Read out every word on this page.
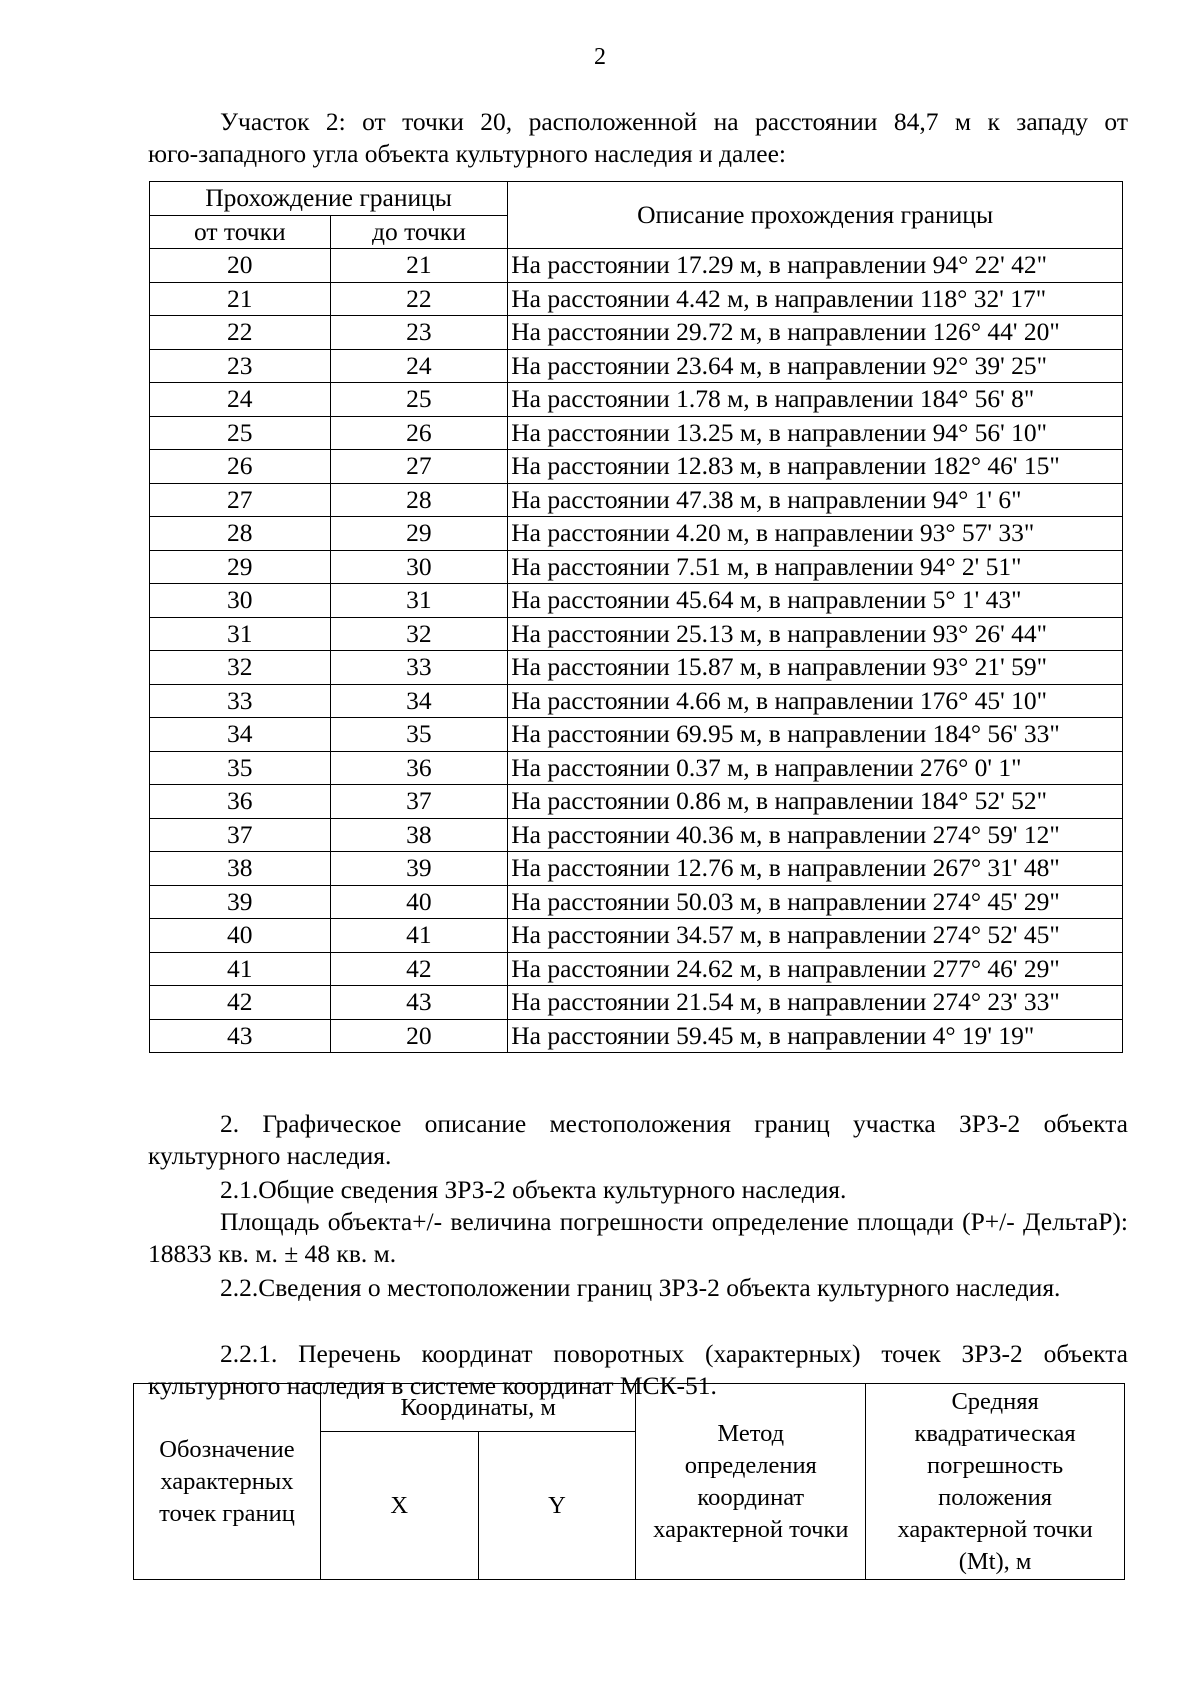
2

Участок 2: от точки 20, расположенной на расстоянии 84,7 м к западу от
юго-западного угла объекта культурного наследия и далее:

Прохождение границы		Описание прохождения границы
от точки	до точки	
20	21	На расстоянии 17.29 м, в направлении 94° 22' 42"
21	22	На расстоянии 4.42 м, в направлении 118° 32' 17"
22	23	На расстоянии 29.72 м, в направлении 126° 44' 20"
23	24	На расстоянии 23.64 м, в направлении 92° 39' 25"
24	25	На расстоянии 1.78 м, в направлении 184° 56' 8"
25	26	На расстоянии 13.25 м, в направлении 94° 56' 10"
26	27	На расстоянии 12.83 м, в направлении 182° 46' 15"
27	28	На расстоянии 47.38 м, в направлении 94° 1' 6"
28	29	На расстоянии 4.20 м, в направлении 93° 57' 33"
29	30	На расстоянии 7.51 м, в направлении 94° 2' 51"
30	31	На расстоянии 45.64 м, в направлении 5° 1' 43"
31	32	На расстоянии 25.13 м, в направлении 93° 26' 44"
32	33	На расстоянии 15.87 м, в направлении 93° 21' 59"
33	34	На расстоянии 4.66 м, в направлении 176° 45' 10"
34	35	На расстоянии 69.95 м, в направлении 184° 56' 33"
35	36	На расстоянии 0.37 м, в направлении 276° 0' 1"
36	37	На расстоянии 0.86 м, в направлении 184° 52' 52"
37	38	На расстоянии 40.36 м, в направлении 274° 59' 12"
38	39	На расстоянии 12.76 м, в направлении 267° 31' 48"
39	40	На расстоянии 50.03 м, в направлении 274° 45' 29"
40	41	На расстоянии 34.57 м, в направлении 274° 52' 45"
41	42	На расстоянии 24.62 м, в направлении 277° 46' 29"
42	43	На расстоянии 21.54 м, в направлении 274° 23' 33"
43	20	На расстоянии 59.45 м, в направлении 4° 19' 19"

2. Графическое описание местоположения границ участка ЗРЗ-2 объекта культурного наследия.

2.1.Общие сведения ЗРЗ-2 объекта культурного наследия.

Площадь объекта+/- величина погрешности определение площади (P+/- ДельтаP): 18833 кв. м. ± 48 кв. м.

2.2.Сведения о местоположении границ ЗРЗ-2 объекта культурного наследия.

2.2.1. Перечень координат поворотных (характерных) точек ЗРЗ-2 объекта культурного наследия в системе координат МСК-51.

Обозначение характерных точек границ	Координаты, м		Метод определения координат характерной точки	Средняя квадратическая погрешность положения характерной точки (Mt), м
	X	Y		
